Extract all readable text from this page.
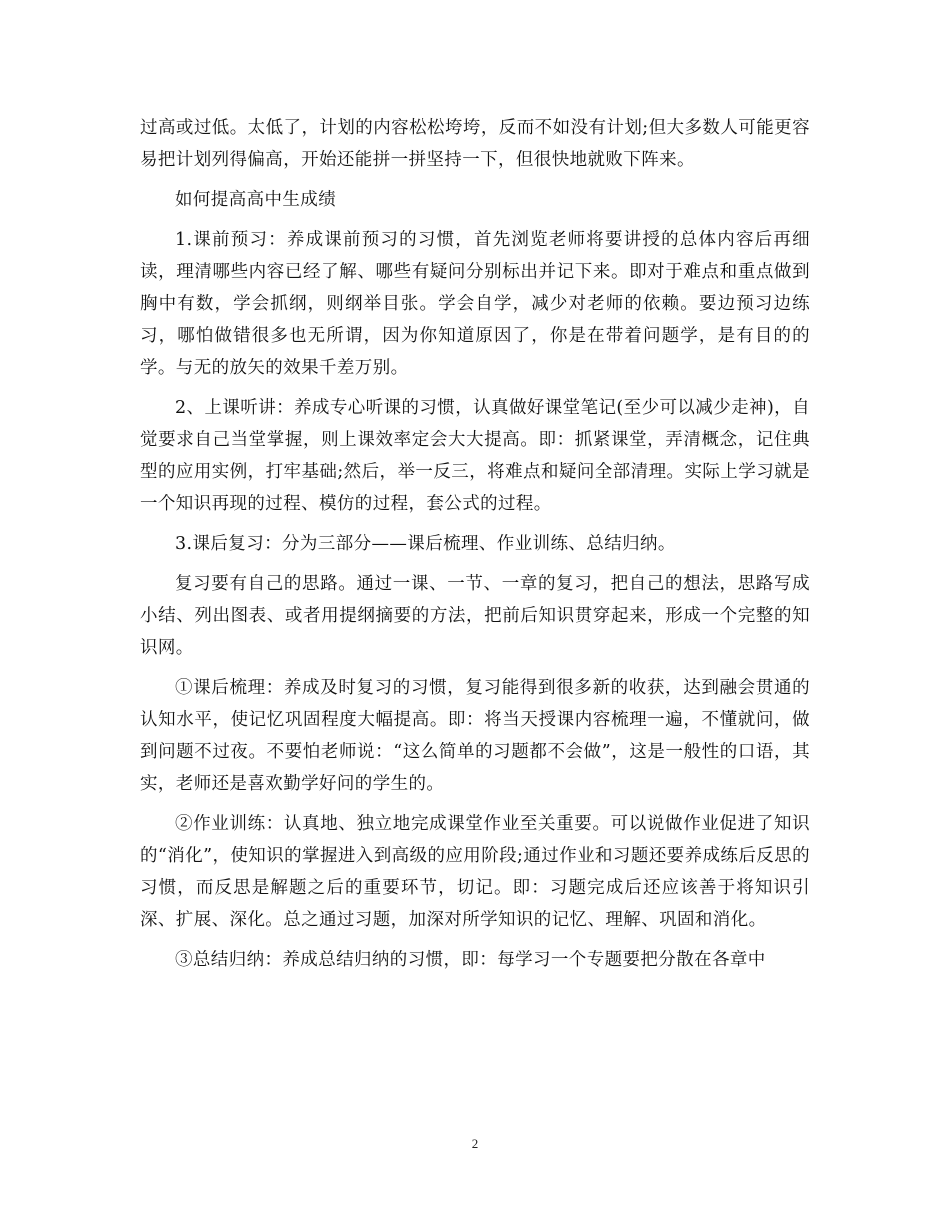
过高或过低。太低了，计划的内容松松垮垮，反而不如没有计划;但大多数人可能更容易把计划列得偏高，开始还能拼一拼坚持一下，但很快地就败下阵来。

如何提高高中生成绩

1.课前预习：养成课前预习的习惯，首先浏览老师将要讲授的总体内容后再细读，理清哪些内容已经了解、哪些有疑问分别标出并记下来。即对于难点和重点做到胸中有数，学会抓纲，则纲举目张。学会自学，减少对老师的依赖。要边预习边练习，哪怕做错很多也无所谓，因为你知道原因了，你是在带着问题学，是有目的的学。与无的放矢的效果千差万别。

2、上课听讲：养成专心听课的习惯，认真做好课堂笔记(至少可以减少走神)，自觉要求自己当堂掌握，则上课效率定会大大提高。即：抓紧课堂，弄清概念，记住典型的应用实例，打牢基础;然后，举一反三，将难点和疑问全部清理。实际上学习就是一个知识再现的过程、模仿的过程，套公式的过程。

3.课后复习：分为三部分——课后梳理、作业训练、总结归纳。

复习要有自己的思路。通过一课、一节、一章的复习，把自己的想法，思路写成小结、列出图表、或者用提纲摘要的方法，把前后知识贯穿起来，形成一个完整的知识网。

①课后梳理：养成及时复习的习惯，复习能得到很多新的收获，达到融会贯通的认知水平，使记忆巩固程度大幅提高。即：将当天授课内容梳理一遍，不懂就问，做到问题不过夜。不要怕老师说：“这么简单的习题都不会做”，这是一般性的口语，其实，老师还是喜欢勤学好问的学生的。

②作业训练：认真地、独立地完成课堂作业至关重要。可以说做作业促进了知识的“消化”，使知识的掌握进入到高级的应用阶段;通过作业和习题还要养成练后反思的习惯，而反思是解题之后的重要环节，切记。即：习题完成后还应该善于将知识引深、扩展、深化。总之通过习题，加深对所学知识的记忆、理解、巩固和消化。

③总结归纳：养成总结归纳的习惯，即：每学习一个专题要把分散在各章中

2
